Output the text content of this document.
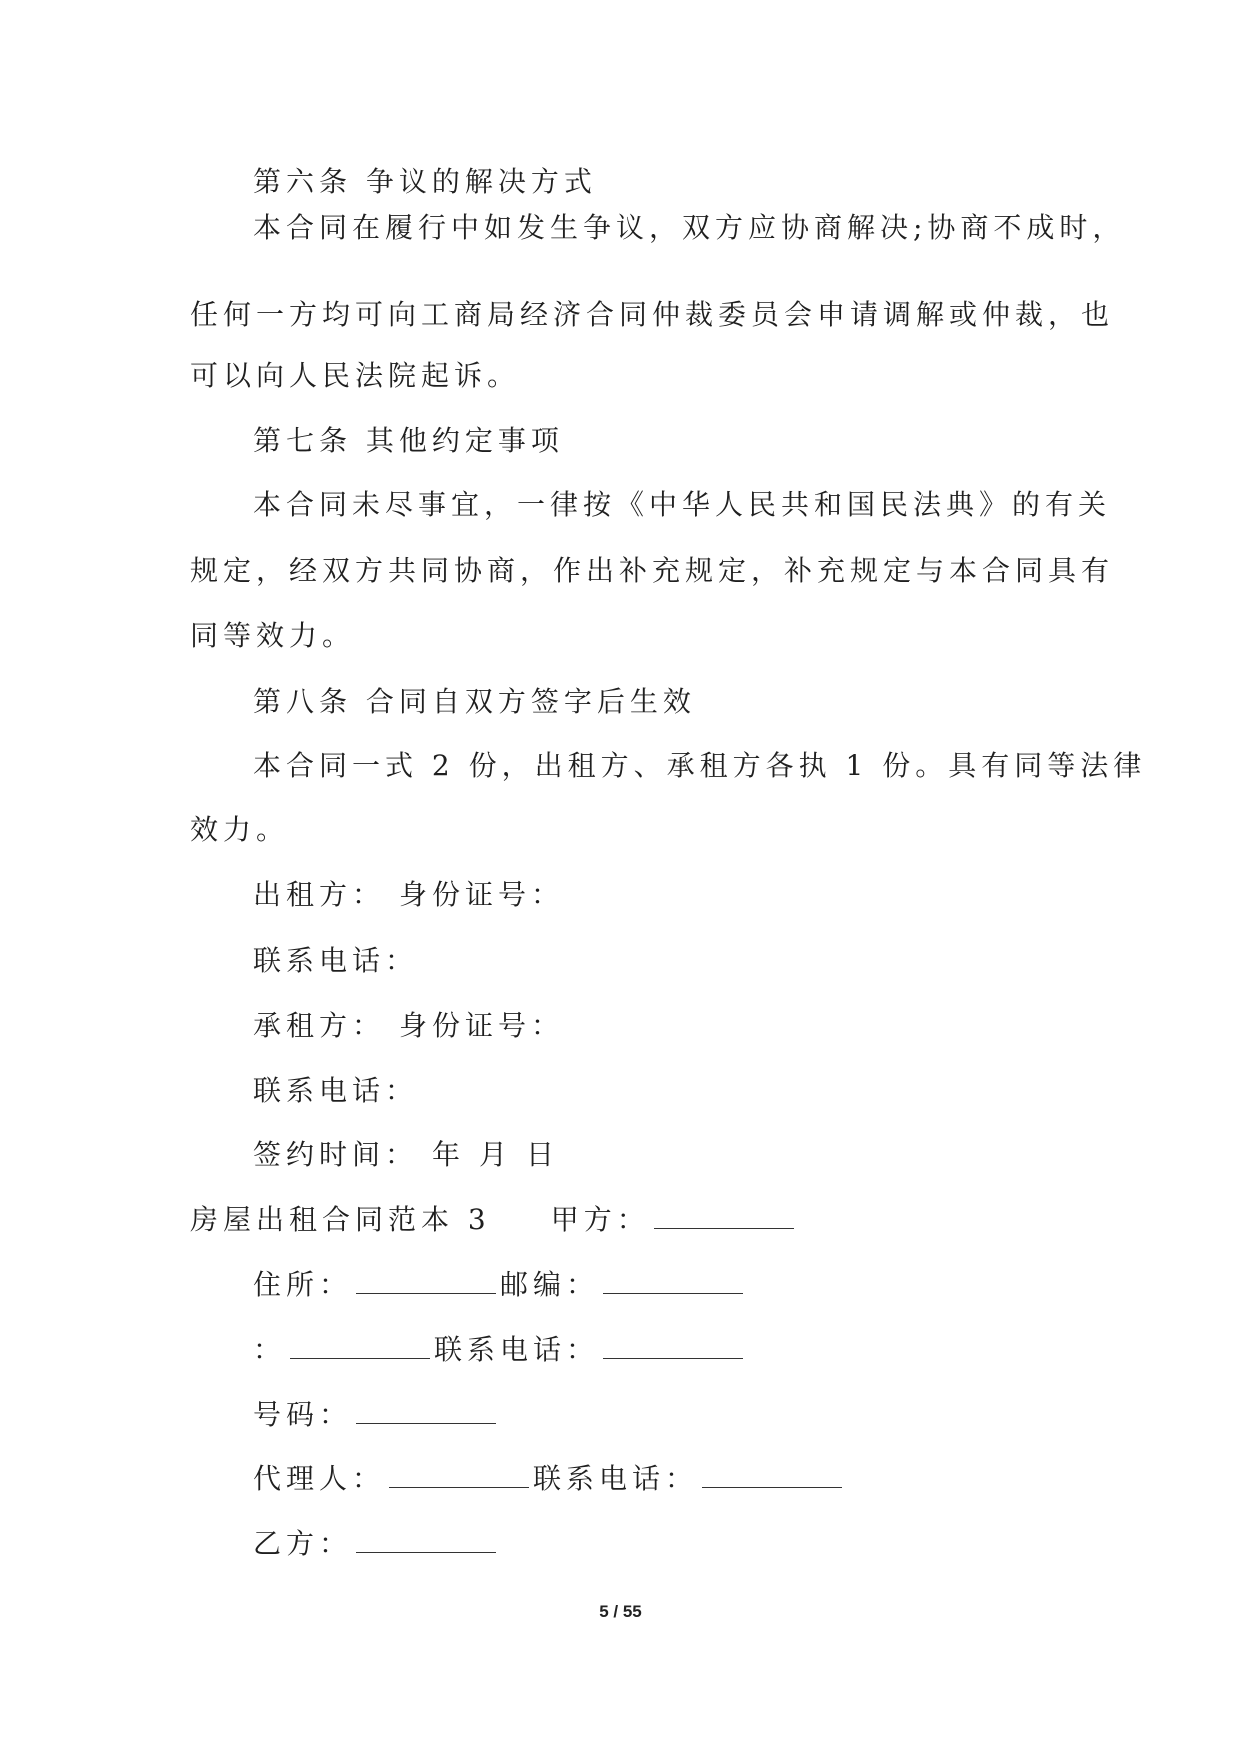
第六条 争议的解决方式
本合同在履行中如发生争议，双方应协商解决;协商不成时，
任何一方均可向工商局经济合同仲裁委员会申请调解或仲裁，也
可以向人民法院起诉。
第七条 其他约定事项
本合同未尽事宜，一律按《中华人民共和国民法典》的有关
规定，经双方共同协商，作出补充规定，补充规定与本合同具有
同等效力。
第八条 合同自双方签字后生效
本合同一式 2 份，出租方、承租方各执 1 份。具有同等法律
效力。
出租方： 身份证号：
联系电话：
承租方： 身份证号：
联系电话：
签约时间： 年 月 日
房屋出租合同范本 3 甲方：
住所：	邮编：
：	联系电话：
号码：
代理人：	联系电话：
乙方：
5 / 55
